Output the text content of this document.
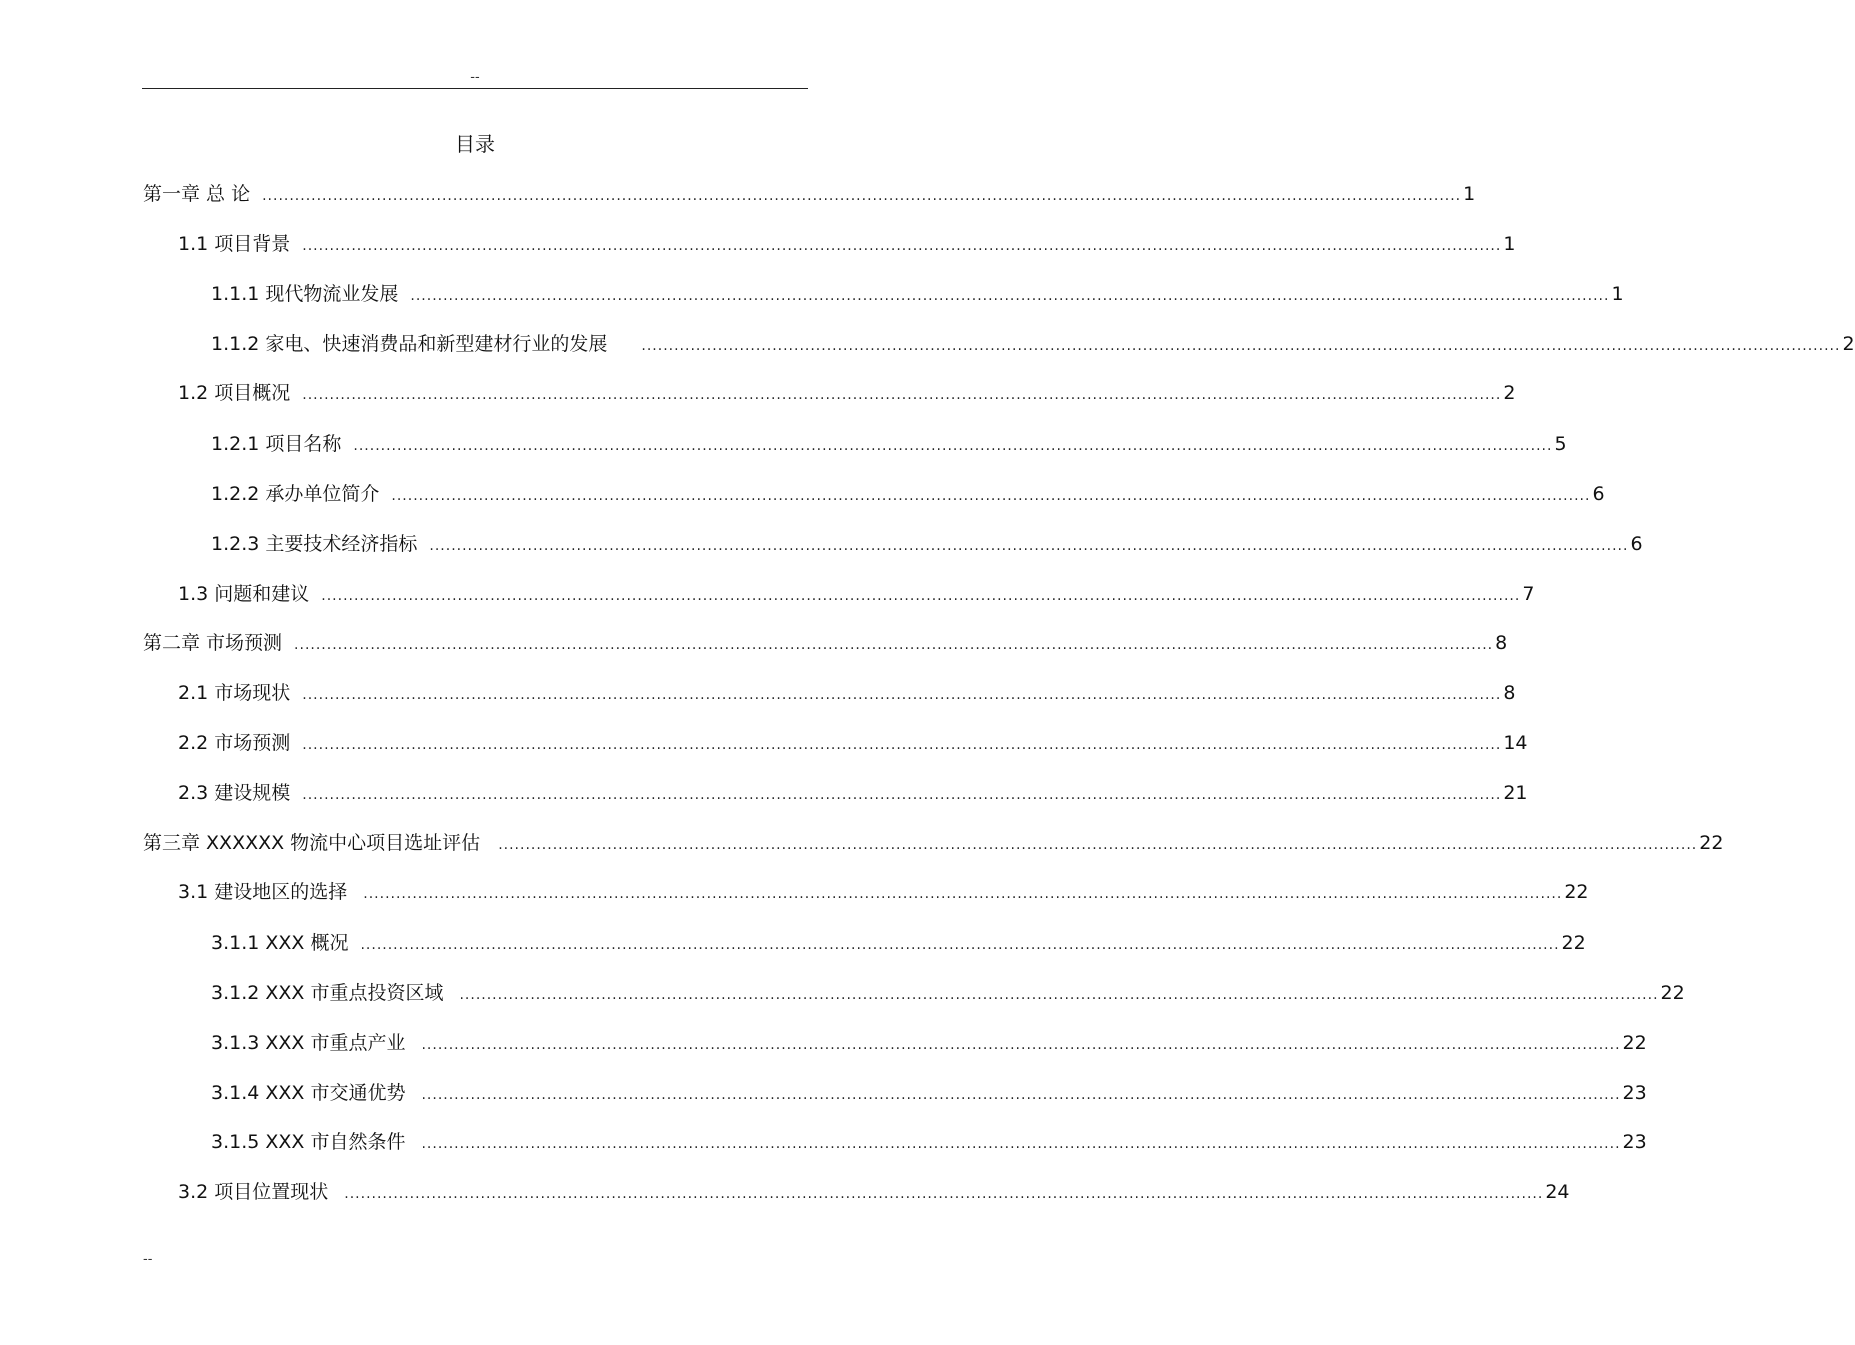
--
目录
第一章 总 论 ............................................................................................................................................................................................................................ 1
1.1 项目背景 ............................................................................................................................................................................................................................ 1
1.1.1 现代物流业发展 ............................................................................................................................................................................................................................ 1
1.1.2 家电、快速消费品和新型建材行业的发展 ............................................................................................................................................................................................................................ 2
1.2 项目概况 ............................................................................................................................................................................................................................ 2
1.2.1 项目名称 ............................................................................................................................................................................................................................ 5
1.2.2 承办单位简介 ............................................................................................................................................................................................................................ 6
1.2.3 主要技术经济指标 ............................................................................................................................................................................................................................ 6
1.3 问题和建议 ............................................................................................................................................................................................................................ 7
第二章 市场预测 ............................................................................................................................................................................................................................ 8
2.1 市场现状 ............................................................................................................................................................................................................................ 8
2.2 市场预测 ............................................................................................................................................................................................................................ 14
2.3 建设规模 ............................................................................................................................................................................................................................ 21
第三章 XXXXXX 物流中心项目选址评估 ............................................................................................................................................................................................................................ 22
3.1 建设地区的选择 ............................................................................................................................................................................................................................ 22
3.1.1 XXX 概况 ............................................................................................................................................................................................................................ 22
3.1.2 XXX 市重点投资区域 ............................................................................................................................................................................................................................ 22
3.1.3 XXX 市重点产业 ............................................................................................................................................................................................................................ 22
3.1.4 XXX 市交通优势 ............................................................................................................................................................................................................................ 23
3.1.5 XXX 市自然条件 ............................................................................................................................................................................................................................ 23
3.2 项目位置现状 ............................................................................................................................................................................................................................ 24
--
